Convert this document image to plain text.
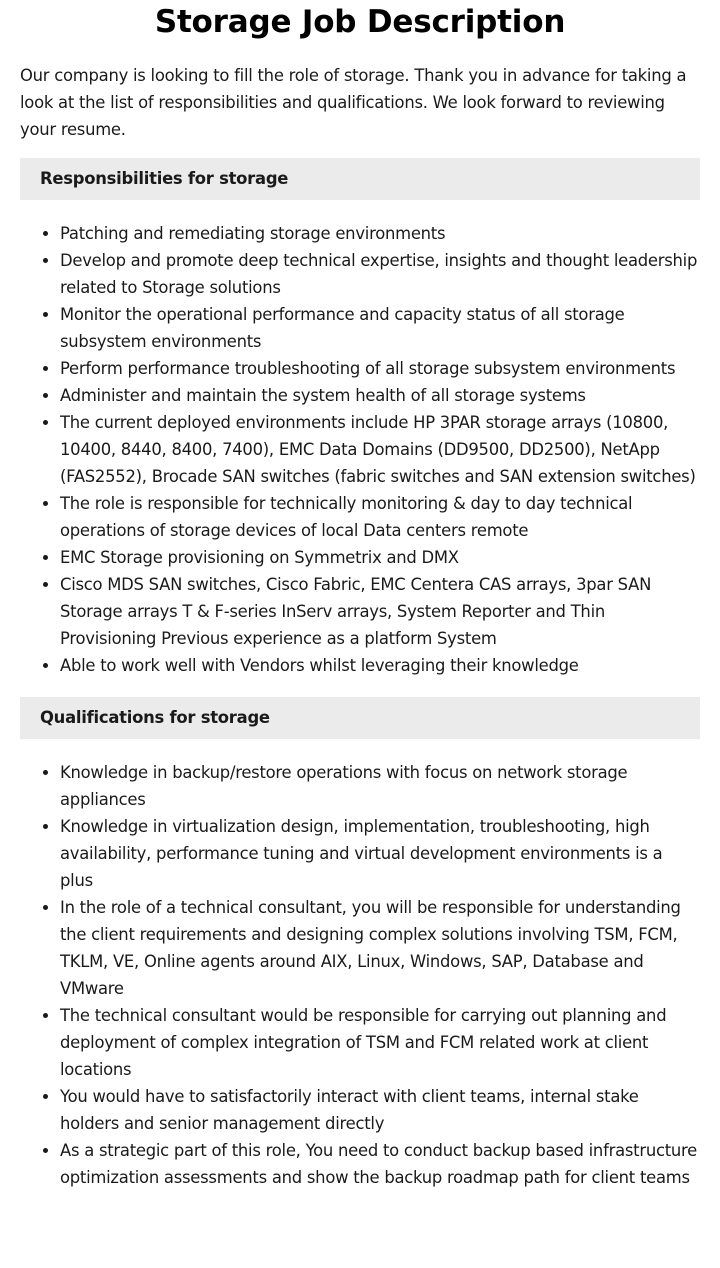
Storage Job Description

Our company is looking to fill the role of storage. Thank you in advance for taking a look at the list of responsibilities and qualifications. We look forward to reviewing your resume.

Responsibilities for storage
• Patching and remediating storage environments
• Develop and promote deep technical expertise, insights and thought leadership related to Storage solutions
• Monitor the operational performance and capacity status of all storage subsystem environments
• Perform performance troubleshooting of all storage subsystem environments
• Administer and maintain the system health of all storage systems
• The current deployed environments include HP 3PAR storage arrays (10800, 10400, 8440, 8400, 7400), EMC Data Domains (DD9500, DD2500), NetApp (FAS2552), Brocade SAN switches (fabric switches and SAN extension switches)
• The role is responsible for technically monitoring & day to day technical operations of storage devices of local Data centers remote
• EMC Storage provisioning on Symmetrix and DMX
• Cisco MDS SAN switches, Cisco Fabric, EMC Centera CAS arrays, 3par SAN Storage arrays T & F-series InServ arrays, System Reporter and Thin Provisioning Previous experience as a platform System
• Able to work well with Vendors whilst leveraging their knowledge
Qualifications for storage
• Knowledge in backup/restore operations with focus on network storage appliances
• Knowledge in virtualization design, implementation, troubleshooting, high availability, performance tuning and virtual development environments is a plus
• In the role of a technical consultant, you will be responsible for understanding the client requirements and designing complex solutions involving TSM, FCM, TKLM, VE, Online agents around AIX, Linux, Windows, SAP, Database and VMware
• The technical consultant would be responsible for carrying out planning and deployment of complex integration of TSM and FCM related work at client locations
• You would have to satisfactorily interact with client teams, internal stake holders and senior management directly
• As a strategic part of this role, You need to conduct backup based infrastructure optimization assessments and show the backup roadmap path for client teams
